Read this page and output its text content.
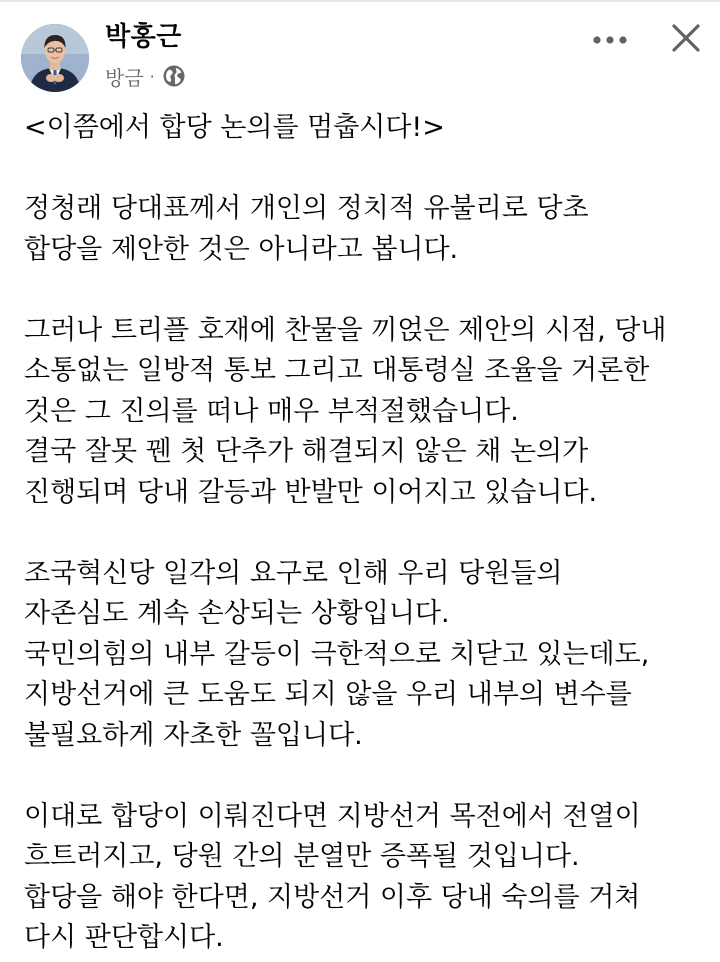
박홍근
방금 ·
<이쯤에서 합당 논의를 멈춥시다!>
정청래 당대표께서 개인의 정치적 유불리로 당초
합당을 제안한 것은 아니라고 봅니다.
그러나 트리플 호재에 찬물을 끼얹은 제안의 시점, 당내
소통없는 일방적 통보 그리고 대통령실 조율을 거론한
것은 그 진의를 떠나 매우 부적절했습니다.
결국 잘못 꿴 첫 단추가 해결되지 않은 채 논의가
진행되며 당내 갈등과 반발만 이어지고 있습니다.
조국혁신당 일각의 요구로 인해 우리 당원들의
자존심도 계속 손상되는 상황입니다.
국민의힘의 내부 갈등이 극한적으로 치닫고 있는데도,
지방선거에 큰 도움도 되지 않을 우리 내부의 변수를
불필요하게 자초한 꼴입니다.
이대로 합당이 이뤄진다면 지방선거 목전에서 전열이
흐트러지고, 당원 간의 분열만 증폭될 것입니다.
합당을 해야 한다면, 지방선거 이후 당내 숙의를 거쳐
다시 판단합시다.
